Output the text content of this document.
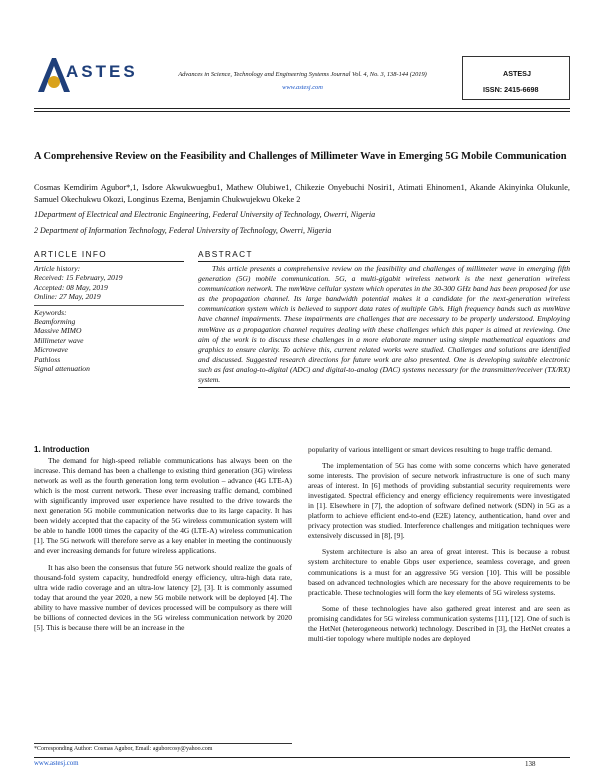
ASTES	Advances in Science, Technology and Engineering Systems Journal Vol. 4, No. 3, 138-144 (2019)
www.astesj.com
ASTESJ
ISSN: 2415-6698
A Comprehensive Review on the Feasibility and Challenges of Millimeter Wave in Emerging 5G Mobile Communication
Cosmas Kemdirim Agubor*,1, Isdore Akwukwuegbu1, Mathew Olubiwe1, Chikezie Onyebuchi Nosiri1, Atimati Ehinomen1, Akande Akinyinka Olukunle, Samuel Okechukwu Okozi, Longinus Ezema, Benjamin Chukwujekwu Okeke 2
1Department of Electrical and Electronic Engineering, Federal University of Technology, Owerri, Nigeria
2 Department of Information Technology, Federal University of Technology, Owerri, Nigeria
ARTICLE INFO
Article history:
Received: 15 February, 2019
Accepted: 08 May, 2019
Online: 27 May, 2019
Keywords:
Beamforming
Massive MIMO
Millimeter wave
Microwave
Pathloss
Signal attenuation
ABSTRACT
This article presents a comprehensive review on the feasibility and challenges of millimeter wave in emerging fifth generation (5G) mobile communication. 5G, a multi-gigabit wireless network is the next generation wireless communication network. The mmWave cellular system which operates in the 30-300 GHz band has been proposed for use as the propagation channel. Its large bandwidth potential makes it a candidate for the next-generation wireless communication system which is believed to support data rates of multiple Gb/s. High frequency bands such as mmWave have channel impairments. These impairments are challenges that are necessary to be properly understood. Employing mmWave as a propagation channel requires dealing with these challenges which this paper is aimed at reviewing. One aim of the work is to discuss these challenges in a more elaborate manner using simple mathematical equations and graphics to ensure clarity. To achieve this, current related works were studied. Challenges and solutions are identified and discussed. Suggested research directions for future work are also presented. One is developing suitable electronic such as fast analog-to-digital (ADC) and digital-to-analog (DAC) systems necessary for the transmitter/receiver (TX/RX) system.
1. Introduction

The demand for high-speed reliable communications has always been on the increase. This demand has been a challenge to existing third generation (3G) wireless network as well as the fourth generation long term evolution – advance (4G LTE-A) which is the most current network. These ever increasing traffic demand, combined with significantly improved user experience have resulted to the drive towards the next generation 5G mobile communication networks due to its large capacity. It has been widely accepted that the capacity of the 5G wireless communication system will be able to handle 1000 times the capacity of the 4G (LTE-A) wireless communication [1]. The 5G network will therefore serve as a key enabler in meeting the continuously and ever increasing demands for future wireless applications.

It has also been the consensus that future 5G network should realize the goals of thousand-fold system capacity, hundredfold energy efficiency, ultra-high data rate, ultra wide radio coverage and an ultra-low latency [2], [3]. It is commonly assumed today that around the year 2020, a new 5G mobile network will be deployed [4]. The ability to have massive number of devices processed will be compulsory as there will be billions of connected devices in the 5G wireless communication network by 2020 [5]. This is because there will be an increase in the

popularity of various intelligent or smart devices resulting to huge traffic demand.

The implementation of 5G has come with some concerns which have generated some interests. The provision of secure network infrastructure is one of such many areas of interest. In [6] methods of providing substantial security requirements were investigated. Spectral efficiency and energy efficiency requirements were investigated in [1]. Elsewhere in [7], the adoption of software defined network (SDN) in 5G as a platform to achieve efficient end-to-end (E2E) latency, authentication, hand over and privacy protection was studied. Interference challenges and mitigation techniques were extensively discussed in [8], [9].

System architecture is also an area of great interest. This is because a robust system architecture to enable Gbps user experience, seamless coverage, and green communications is a must for an aggressive 5G version [10]. This will be possible based on advanced technologies which are necessary for the above requirements to be practicable. These technologies will form the key elements of 5G wireless systems.

Some of these technologies have also gathered great interest and are seen as promising candidates for 5G wireless communication systems [11], [12]. One of such is the HetNet (heterogeneous network) technology. Described in [3], the HetNet creates a multi-tier topology where multiple nodes are deployed

*Corresponding Author: Cosmas Agubor, Email: aguborcosy@yahoo.com
www.astesj.com	138
